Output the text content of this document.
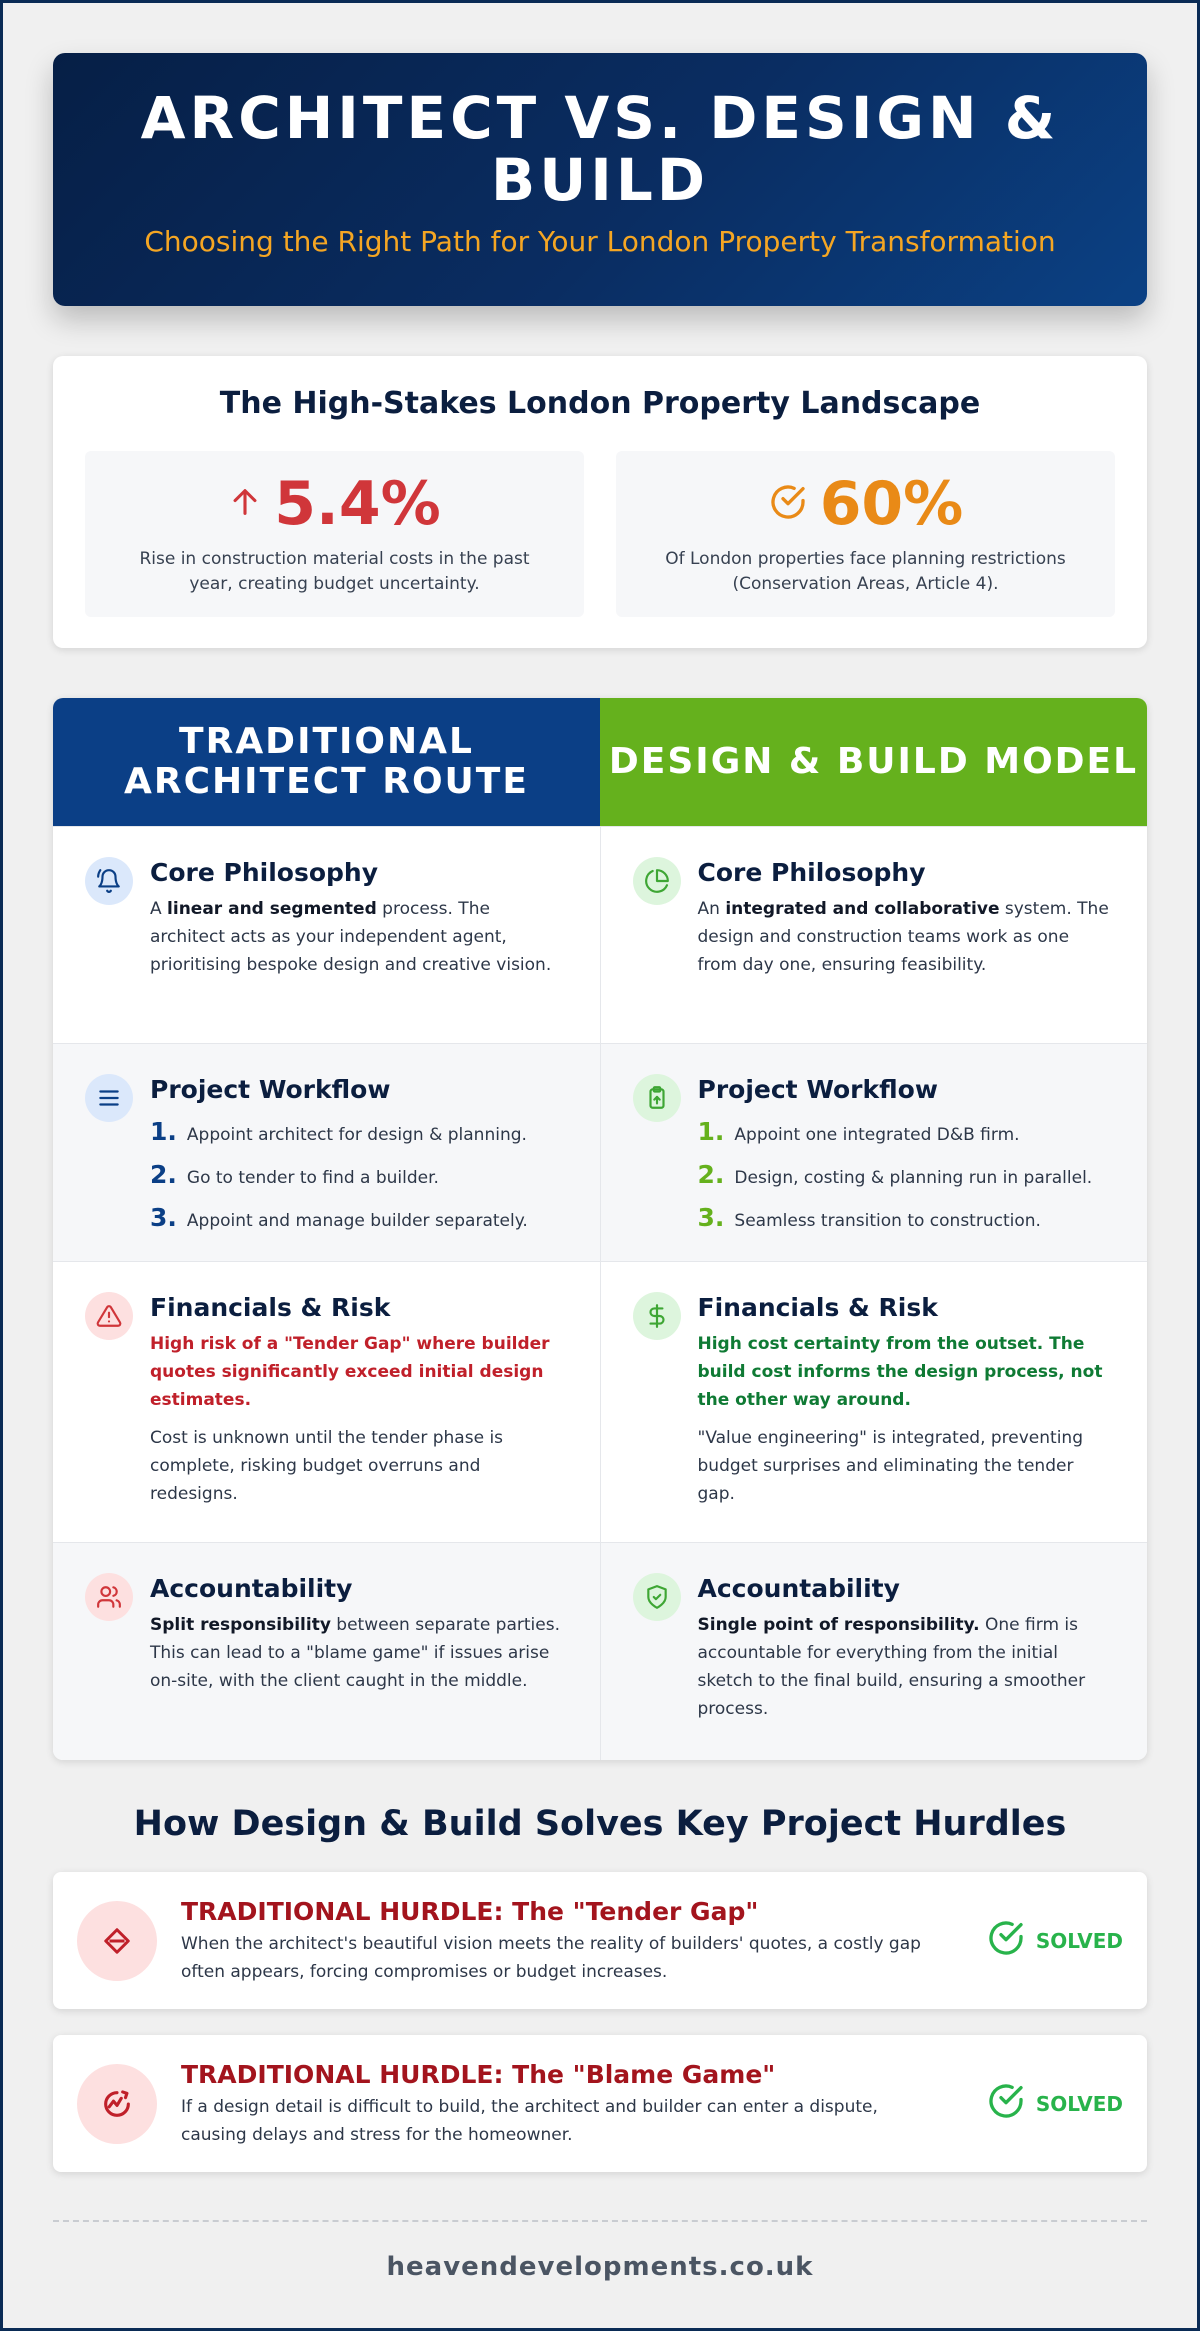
ARCHITECT VS. DESIGN & BUILD

Choosing the Right Path for Your London Property Transformation

The High-Stakes London Property Landscape
5.4%
Rise in construction material costs in the past year, creating budget uncertainty.
60%
Of London properties face planning restrictions (Conservation Areas, Article 4).
TRADITIONAL ARCHITECT ROUTE	DESIGN & BUILD MODEL
Core Philosophy

A linear and segmented process. The architect acts as your independent agent, prioritising bespoke design and creative vision.

Core Philosophy

An integrated and collaborative system. The design and construction teams work as one from day one, ensuring feasibility.

Project Workflow
1. Appoint architect for design & planning.
2. Go to tender to find a builder.
3. Appoint and manage builder separately.
Project Workflow
1. Appoint one integrated D&B firm.
2. Design, costing & planning run in parallel.
3. Seamless transition to construction.
Financials & Risk
High risk of a "Tender Gap" where builder quotes significantly exceed initial design estimates.

Cost is unknown until the tender phase is complete, risking budget overruns and redesigns.

Financials & Risk
High cost certainty from the outset. The build cost informs the design process, not the other way around.

"Value engineering" is integrated, preventing budget surprises and eliminating the tender gap.

Accountability

Split responsibility between separate parties. This can lead to a "blame game" if issues arise on-site, with the client caught in the middle.

Accountability

Single point of responsibility. One firm is accountable for everything from the initial sketch to the final build, ensuring a smoother process.

How Design & Build Solves Key Project Hurdles
TRADITIONAL HURDLE: The "Tender Gap"

When the architect's beautiful vision meets the reality of builders' quotes, a costly gap often appears, forcing compromises or budget increases.

SOLVED
TRADITIONAL HURDLE: The "Blame Game"

If a design detail is difficult to build, the architect and builder can enter a dispute, causing delays and stress for the homeowner.

SOLVED
heavendevelopments.co.uk
